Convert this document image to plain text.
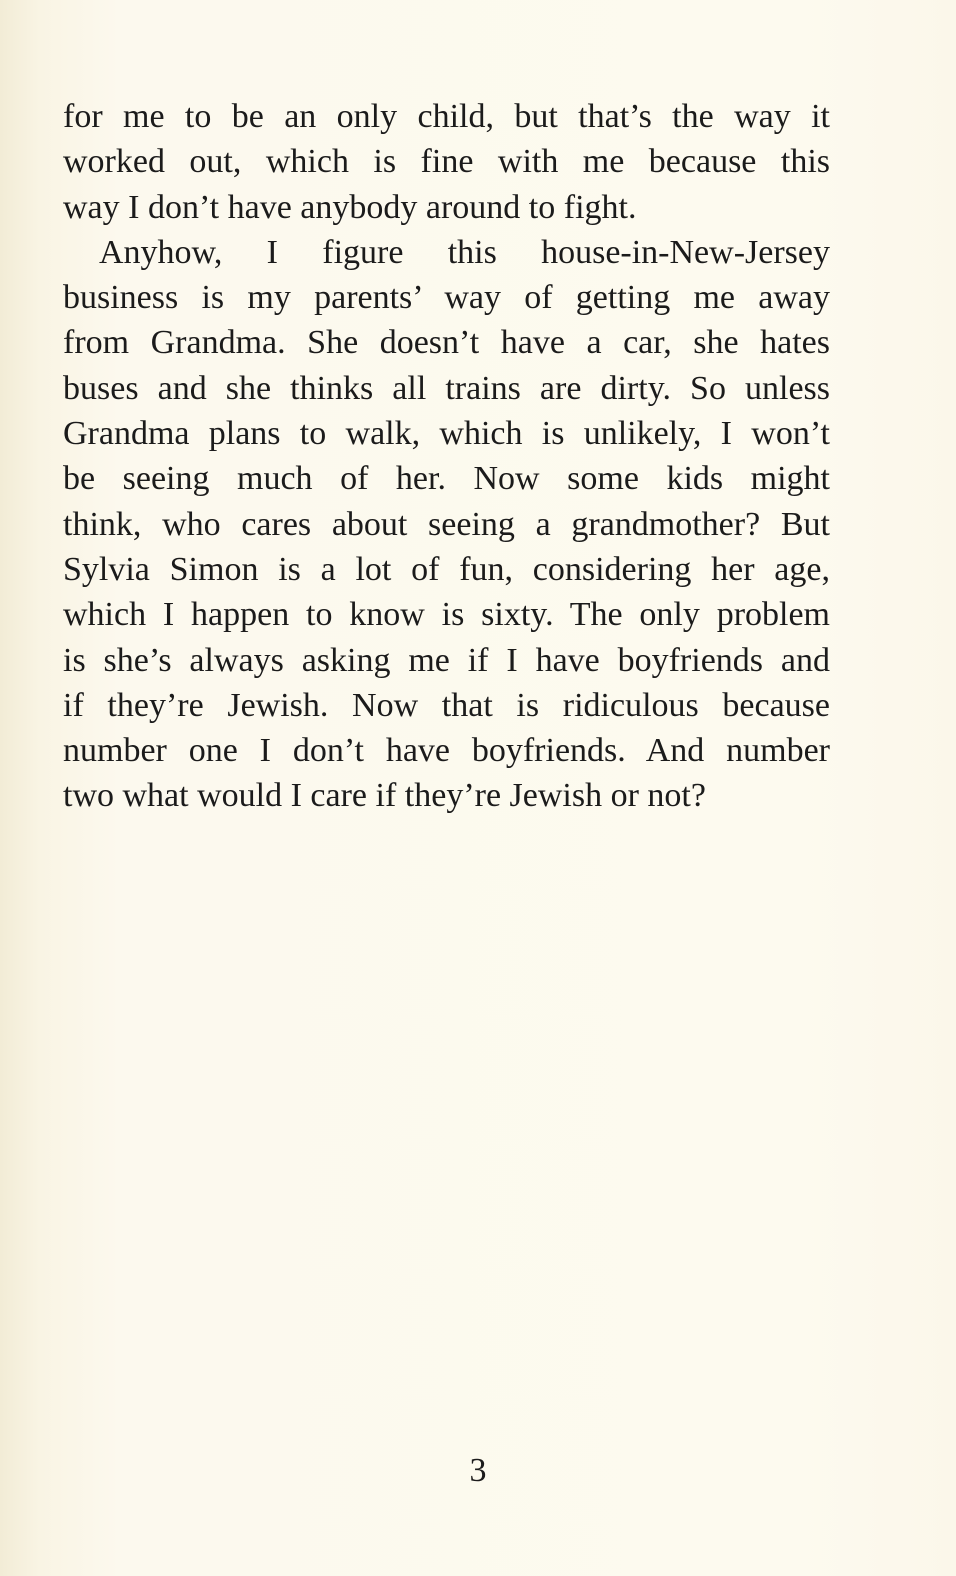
for me to be an only child, but that’s the way it
worked out, which is fine with me because this
way I don’t have anybody around to fight.
Anyhow, I figure this house-in-New-Jersey
business is my parents’ way of getting me away
from Grandma. She doesn’t have a car, she hates
buses and she thinks all trains are dirty. So unless
Grandma plans to walk, which is unlikely, I won’t
be seeing much of her. Now some kids might
think, who cares about seeing a grandmother? But
Sylvia Simon is a lot of fun, considering her age,
which I happen to know is sixty. The only problem
is she’s always asking me if I have boyfriends and
if they’re Jewish. Now that is ridiculous because
number one I don’t have boyfriends. And number
two what would I care if they’re Jewish or not?
3
